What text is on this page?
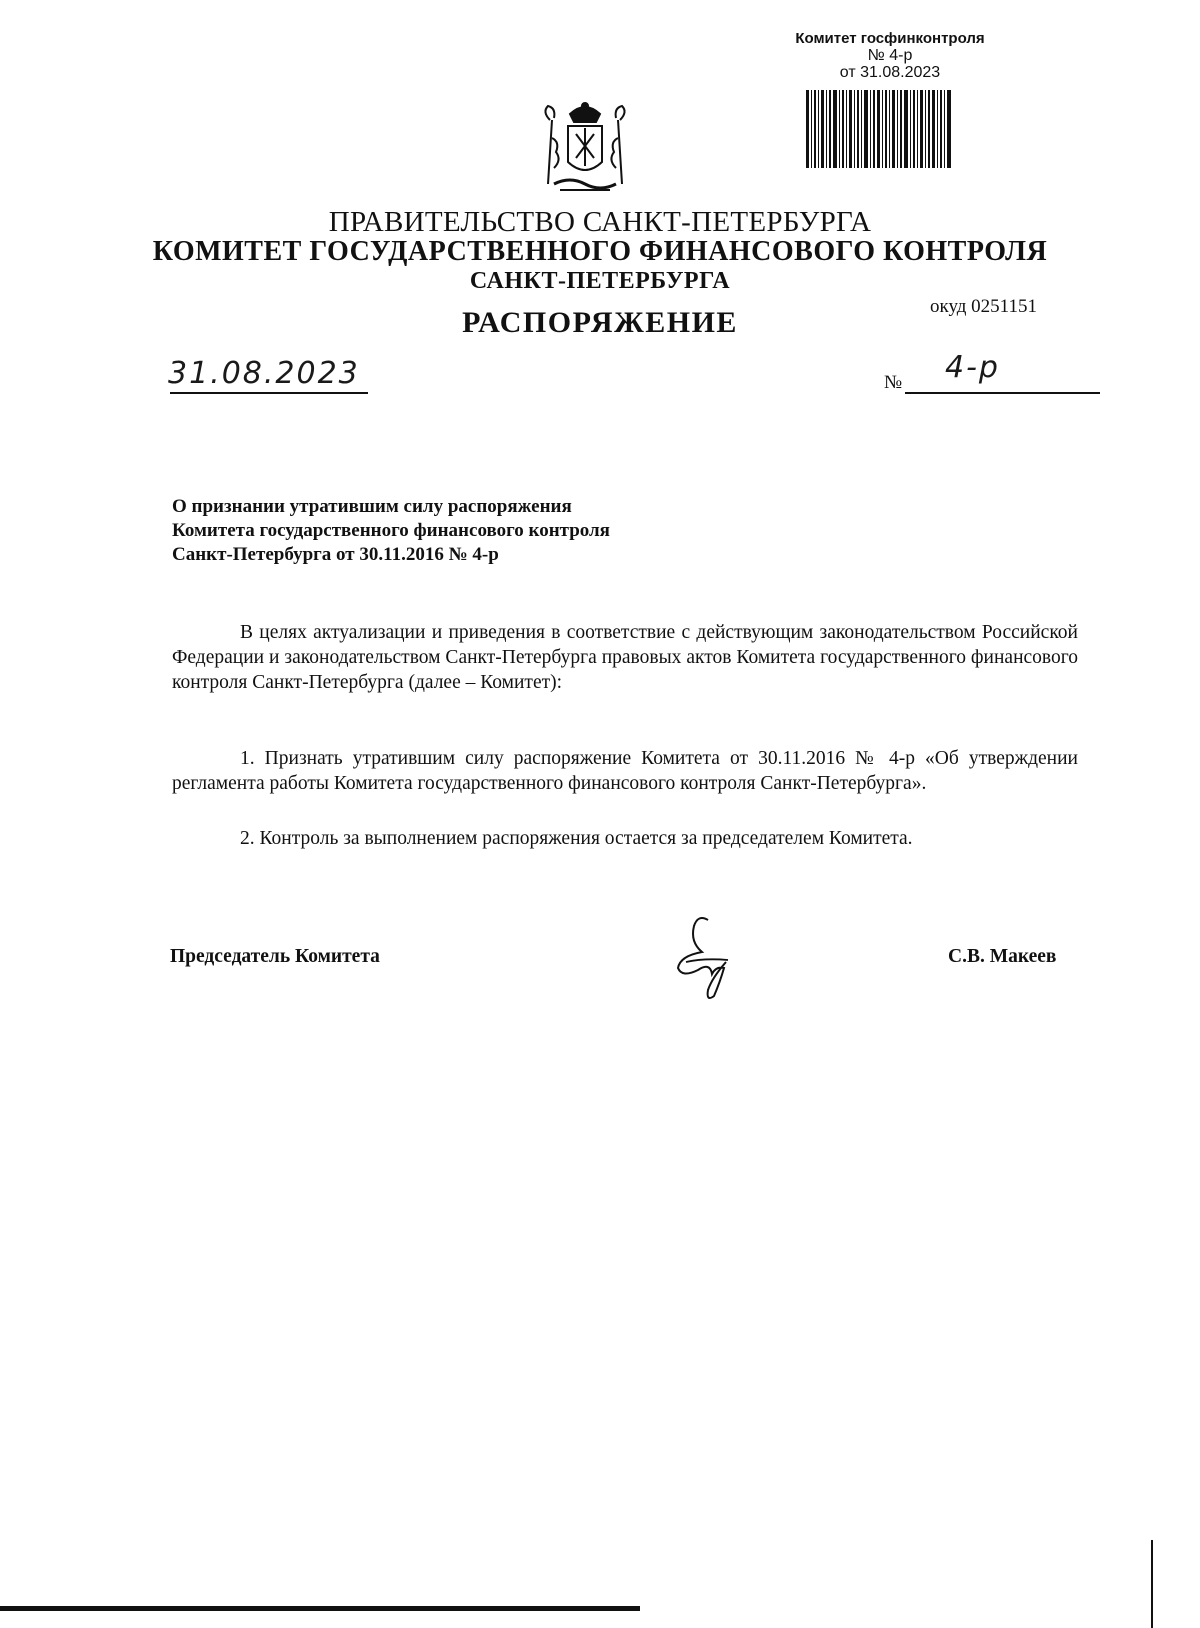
Комитет госфинконтроля
№ 4-р
от 31.08.2023
ПРАВИТЕЛЬСТВО САНКТ-ПЕТЕРБУРГА
КОМИТЕТ ГОСУДАРСТВЕННОГО ФИНАНСОВОГО КОНТРОЛЯ
САНКТ-ПЕТЕРБУРГА
окуд 0251151
РАСПОРЯЖЕНИЕ
31.08.2023	№ 4-р
О признании утратившим силу распоряжения
Комитета государственного финансового контроля
Санкт-Петербурга от 30.11.2016 № 4-р
В целях актуализации и приведения в соответствие с действующим законодательством Российской Федерации и законодательством Санкт-Петербурга правовых актов Комитета государственного финансового контроля Санкт-Петербурга (далее – Комитет):
1. Признать утратившим силу распоряжение Комитета от 30.11.2016 № 4-р «Об утверждении регламента работы Комитета государственного финансового контроля Санкт-Петербурга».
2. Контроль за выполнением распоряжения остается за председателем Комитета.
Председатель Комитета	С.В. Макеев
